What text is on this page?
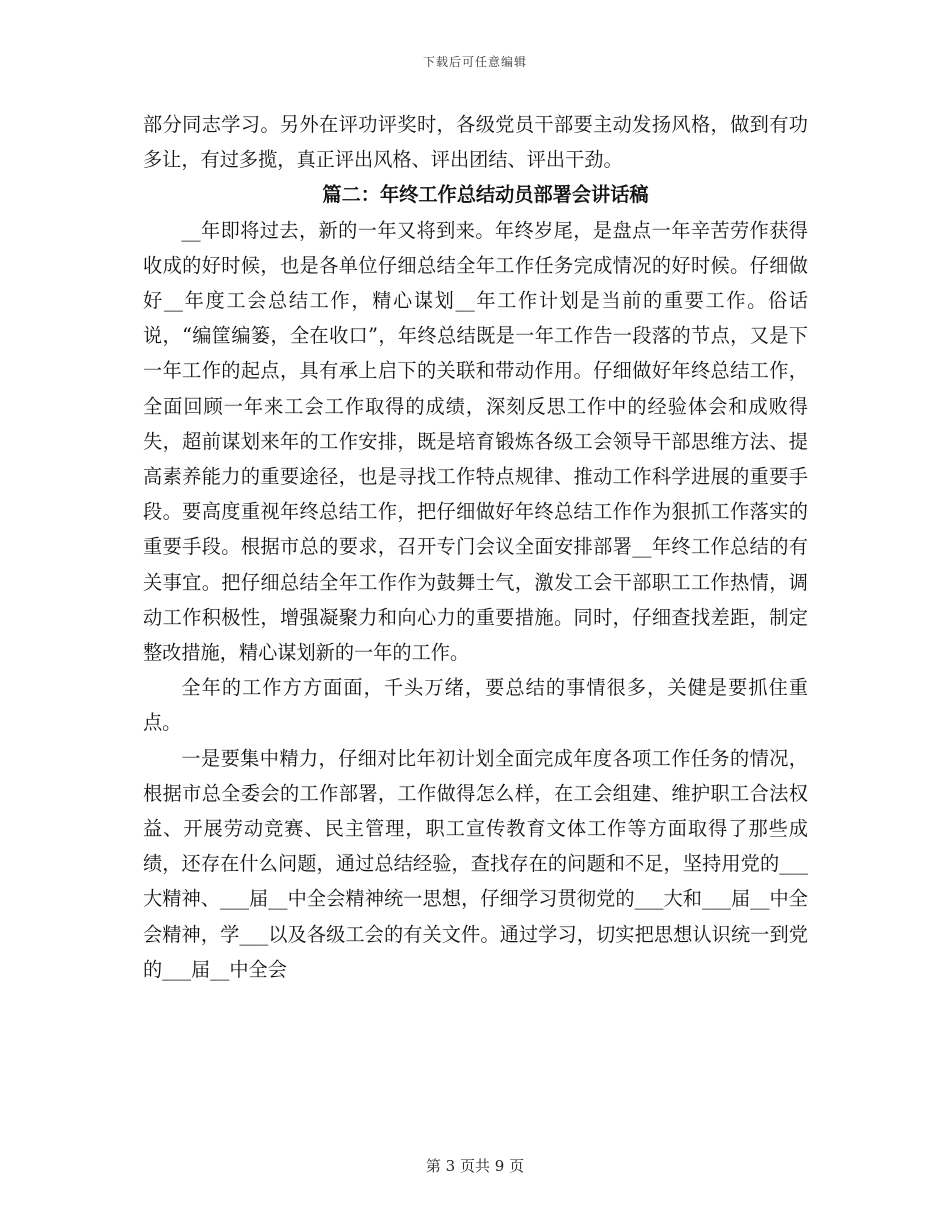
下载后可任意编辑

部分同志学习。另外在评功评奖时，各级党员干部要主动发扬风格，做到有功多让，有过多揽，真正评出风格、评出团结、评出干劲。

篇二：年终工作总结动员部署会讲话稿

__年即将过去，新的一年又将到来。年终岁尾，是盘点一年辛苦劳作获得收成的好时候，也是各单位仔细总结全年工作任务完成情况的好时候。仔细做好__年度工会总结工作，精心谋划__年工作计划是当前的重要工作。俗话说，“编筐编篓，全在收口”，年终总结既是一年工作告一段落的节点，又是下一年工作的起点，具有承上启下的关联和带动作用。仔细做好年终总结工作，全面回顾一年来工会工作取得的成绩，深刻反思工作中的经验体会和成败得失，超前谋划来年的工作安排，既是培育锻炼各级工会领导干部思维方法、提高素养能力的重要途径，也是寻找工作特点规律、推动工作科学进展的重要手段。要高度重视年终总结工作，把仔细做好年终总结工作作为狠抓工作落实的重要手段。根据市总的要求，召开专门会议全面安排部署__年终工作总结的有关事宜。把仔细总结全年工作作为鼓舞士气，激发工会干部职工工作热情，调动工作积极性，增强凝聚力和向心力的重要措施。同时，仔细查找差距，制定整改措施，精心谋划新的一年的工作。

全年的工作方方面面，千头万绪，要总结的事情很多，关健是要抓住重点。

一是要集中精力，仔细对比年初计划全面完成年度各项工作任务的情况，根据市总全委会的工作部署，工作做得怎么样，在工会组建、维护职工合法权益、开展劳动竞赛、民主管理，职工宣传教育文体工作等方面取得了那些成绩，还存在什么问题，通过总结经验，查找存在的问题和不足，坚持用党的___大精神、___届__中全会精神统一思想，仔细学习贯彻党的___大和___届__中全会精神，学___以及各级工会的有关文件。通过学习，切实把思想认识统一到党的___届__中全会

第 3 页共 9 页
